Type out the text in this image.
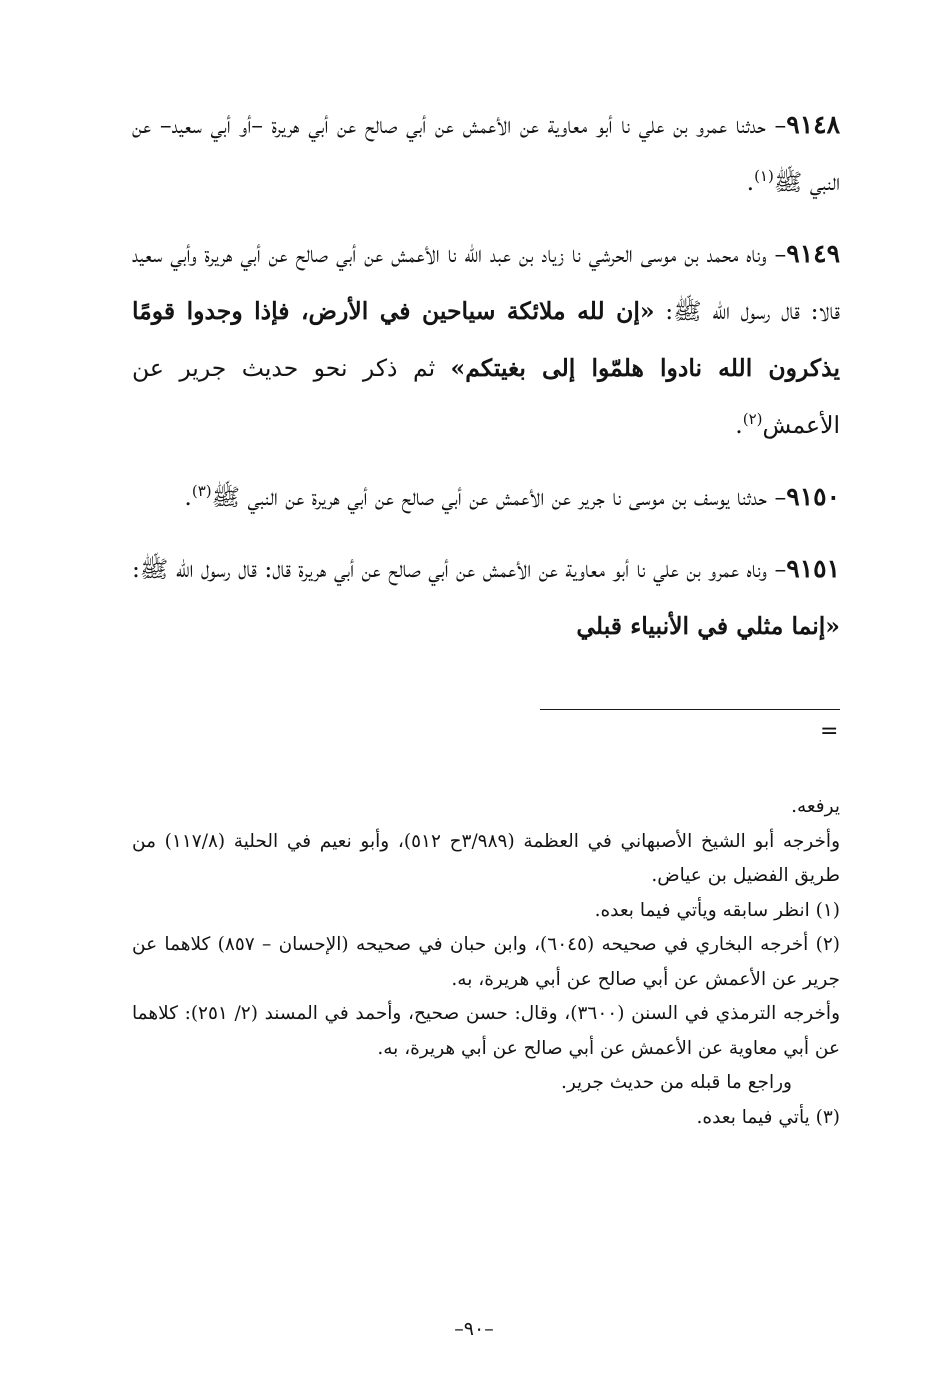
٩١٤٨– حدثنا عمرو بن علي نا أبو معاوية عن الأعمش عن أبي صالح عن أبي هريرة –أو أبي سعيد– عن النبي ﷺ$^{(١)}$.

٩١٤٩– وناه محمد بن موسى الحرشي نا زياد بن عبد الله نا الأعمش عن أبي صالح عن أبي هريرة وأبي سعيد قالا: قال رسول الله ﷺ: «إن لله ملائكة سياحين في الأرض، فإذا وجدوا قومًا يذكرون الله نادوا هلمّوا إلى بغيتكم» ثم ذكر نحو حديث جرير عن الأعمش$^{(٢)}$.

٩١٥٠– حدثنا يوسف بن موسى نا جرير عن الأعمش عن أبي صالح عن أبي هريرة عن النبي ﷺ$^{(٣)}$.

٩١٥١– وناه عمرو بن علي نا أبو معاوية عن الأعمش عن أبي صالح عن أبي هريرة قال: قال رسول الله ﷺ: «إنما مثلي في الأنبياء قبلي

=

يرفعه.

وأخرجه أبو الشيخ الأصبهاني في العظمة (٣/٩٨٩ح ٥١٢)، وأبو نعيم في الحلية (١١٧/٨) من طريق الفضيل بن عياض.

(١) انظر سابقه ويأتي فيما بعده.

(٢) أخرجه البخاري في صحيحه (٦٠٤٥)، وابن حبان في صحيحه (الإحسان – ٨٥٧) كلاهما عن جرير عن الأعمش عن أبي صالح عن أبي هريرة، به.

وأخرجه الترمذي في السنن (٣٦٠٠)، وقال: حسن صحيح، وأحمد في المسند (٢/ ٢٥١): كلاهما عن أبي معاوية عن الأعمش عن أبي صالح عن أبي هريرة، به.

وراجع ما قبله من حديث جرير.

(٣) يأتي فيما بعده.

–٩٠–
